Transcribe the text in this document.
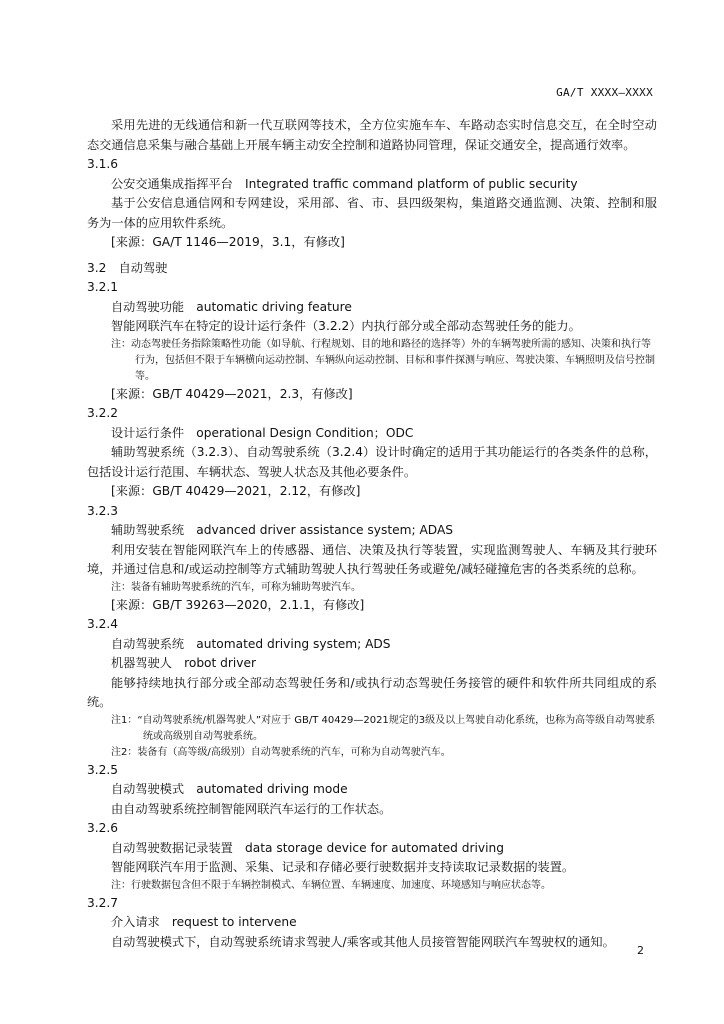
GA/T XXXX—XXXX
采用先进的无线通信和新一代互联网等技术，全方位实施车车、车路动态实时信息交互，在全时空动态交通信息采集与融合基础上开展车辆主动安全控制和道路协同管理，保证交通安全，提高通行效率。
3.1.6
公安交通集成指挥平台　Integrated traffic command platform of public security
基于公安信息通信网和专网建设，采用部、省、市、县四级架构，集道路交通监测、决策、控制和服务为一体的应用软件系统。
[来源：GA/T 1146—2019，3.1，有修改]
3.2　自动驾驶
3.2.1
自动驾驶功能　automatic driving feature
智能网联汽车在特定的设计运行条件（3.2.2）内执行部分或全部动态驾驶任务的能力。
注：动态驾驶任务指除策略性功能（如导航、行程规划、目的地和路径的选择等）外的车辆驾驶所需的感知、决策和执行等行为，包括但不限于车辆横向运动控制、车辆纵向运动控制、目标和事件探测与响应、驾驶决策、车辆照明及信号控制等。
[来源：GB/T 40429—2021，2.3，有修改]
3.2.2
设计运行条件　operational Design Condition；ODC
辅助驾驶系统（3.2.3）、自动驾驶系统（3.2.4）设计时确定的适用于其功能运行的各类条件的总称，包括设计运行范围、车辆状态、驾驶人状态及其他必要条件。
[来源：GB/T 40429—2021，2.12，有修改]
3.2.3
辅助驾驶系统　advanced driver assistance system; ADAS
利用安装在智能网联汽车上的传感器、通信、决策及执行等装置，实现监测驾驶人、车辆及其行驶环境，并通过信息和/或运动控制等方式辅助驾驶人执行驾驶任务或避免/减轻碰撞危害的各类系统的总称。
注：装备有辅助驾驶系统的汽车，可称为辅助驾驶汽车。
[来源：GB/T 39263—2020，2.1.1，有修改]
3.2.4
自动驾驶系统　automated driving system; ADS
机器驾驶人　robot driver
能够持续地执行部分或全部动态驾驶任务和/或执行动态驾驶任务接管的硬件和软件所共同组成的系统。
注1：“自动驾驶系统/机器驾驶人”对应于 GB/T 40429—2021规定的3级及以上驾驶自动化系统，也称为高等级自动驾驶系统或高级别自动驾驶系统。
注2：装备有（高等级/高级别）自动驾驶系统的汽车，可称为自动驾驶汽车。
3.2.5
自动驾驶模式　automated driving mode
由自动驾驶系统控制智能网联汽车运行的工作状态。
3.2.6
自动驾驶数据记录装置　data storage device for automated driving
智能网联汽车用于监测、采集、记录和存储必要行驶数据并支持读取记录数据的装置。
注：行驶数据包含但不限于车辆控制模式、车辆位置、车辆速度、加速度、环境感知与响应状态等。
3.2.7
介入请求　request to intervene
自动驾驶模式下，自动驾驶系统请求驾驶人/乘客或其他人员接管智能网联汽车驾驶权的通知。
2
